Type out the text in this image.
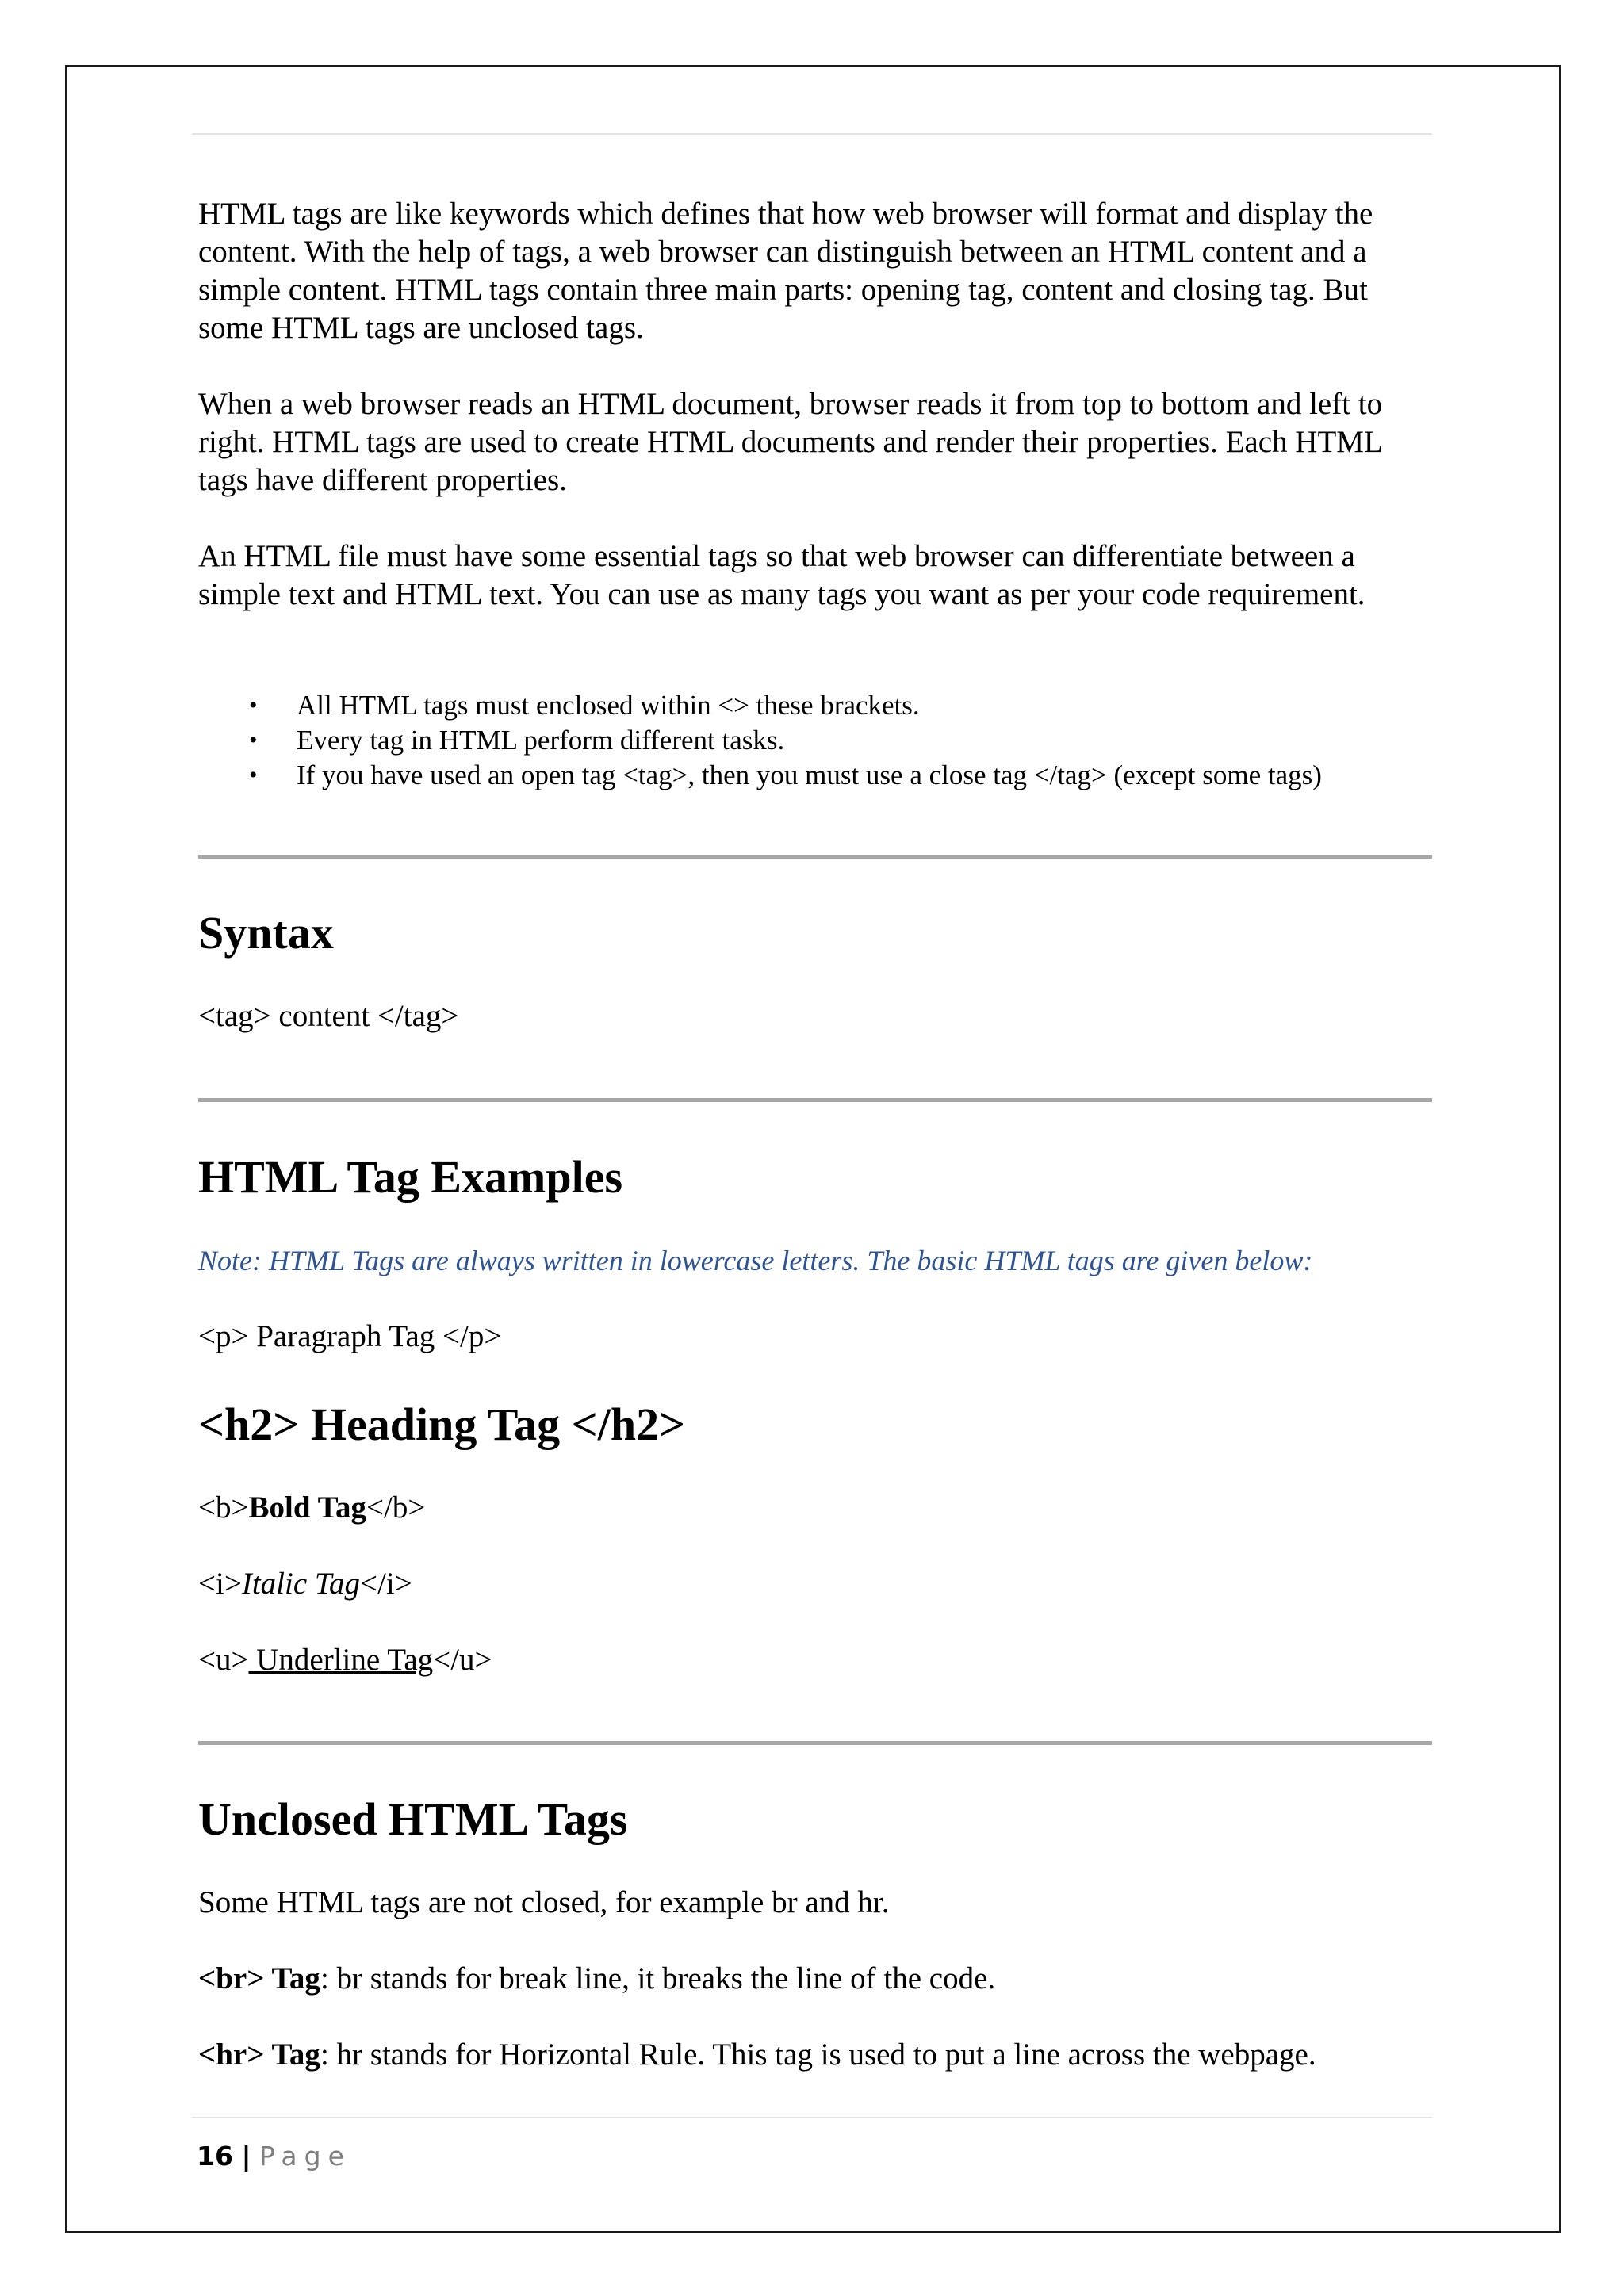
HTML tags are like keywords which defines that how web browser will format and display the content. With the help of tags, a web browser can distinguish between an HTML content and a simple content. HTML tags contain three main parts: opening tag, content and closing tag. But some HTML tags are unclosed tags.

When a web browser reads an HTML document, browser reads it from top to bottom and left to right. HTML tags are used to create HTML documents and render their properties. Each HTML tags have different properties.

An HTML file must have some essential tags so that web browser can differentiate between a simple text and HTML text. You can use as many tags you want as per your code requirement.

• All HTML tags must enclosed within <> these brackets.
• Every tag in HTML perform different tasks.
• If you have used an open tag <tag>, then you must use a close tag </tag> (except some tags)
Syntax

<tag> content </tag>

HTML Tag Examples

Note: HTML Tags are always written in lowercase letters. The basic HTML tags are given below:

<p> Paragraph Tag </p>

<h2> Heading Tag </h2>

<b>Bold Tag</b>

<i>Italic Tag</i>

<u> Underline Tag</u>

Unclosed HTML Tags

Some HTML tags are not closed, for example br and hr.

<br> Tag: br stands for break line, it breaks the line of the code.

<hr> Tag: hr stands for Horizontal Rule. This tag is used to put a line across the webpage.

16 | Page
